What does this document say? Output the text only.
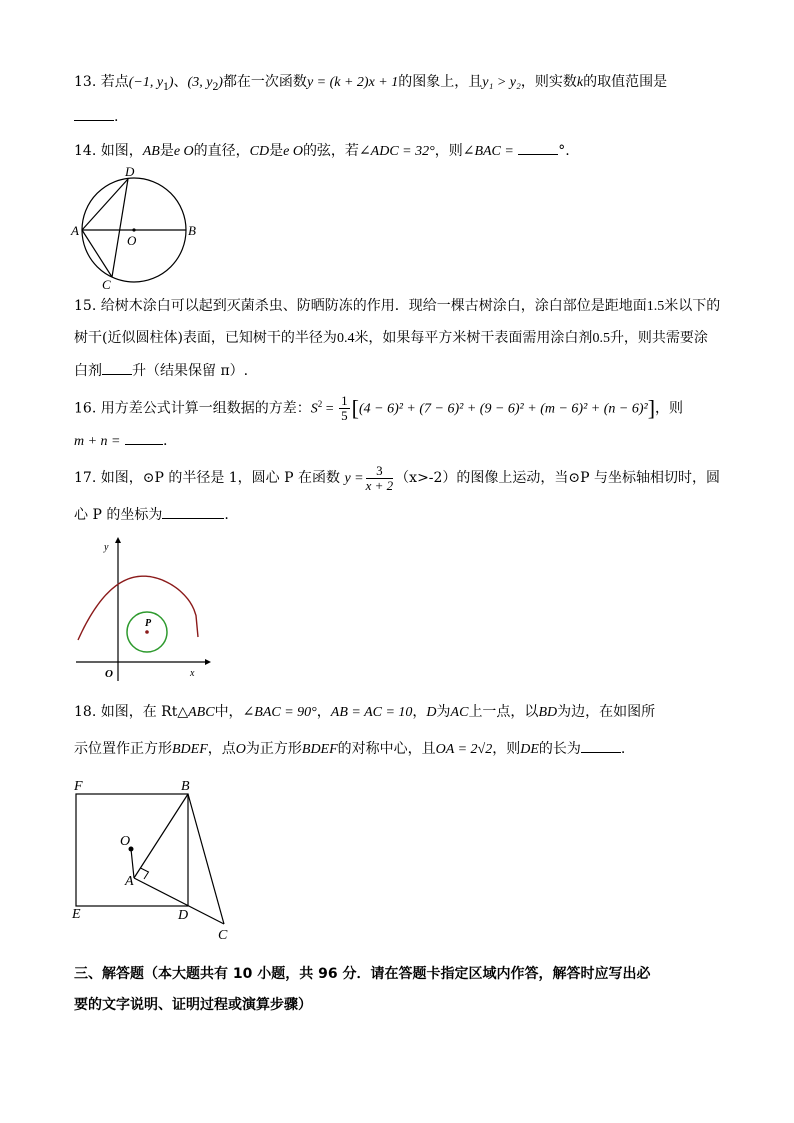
13. 若点(−1, $y_1$)、(3, $y_2$)都在一次函数y = (k + 2)x + 1的图象上，且y₁ > y₂，则实数k的取值范围是
.
14. 如图，AB是e O的直径，CD是e O的弦，若∠ADC = 32°，则∠BAC =	°.
D
A	B
O
C
15. 给树木涂白可以起到灭菌杀虫、防晒防冻的作用．现给一棵古树涂白，涂白部位是距地面1.5米以下的
树干(近似圆柱体)表面，已知树干的半径为0.4米，如果每平方米树干表面需用涂白剂0.5升，则共需要涂
白剂 升（结果保留 π）.
16. 用方差公式计算一组数据的方差：$S^2 = \frac{1}{5} [(4 - 6)^2 + (7 - 6)^2 + (9 - 6)^2 + (m - 6)^2 + (n - 6)^2]$，则
m + n =	.
17. 如图，⊙P 的半径是 1，圆心 P 在函数 $y = \frac{3}{x + 2} (x>-2)$的图像上运动，当⊙P 与坐标轴相切时，圆
心 P 的坐标为	.
y
x
O
P
18. 如图，在 Rt△ABC中，∠BAC = 90°，AB = AC = 10，D为AC上一点，以BD为边，在如图所
示位置作正方形BDEF，点O为正方形BDEF的对称中心，且OA = 2√2，则DE的长为	.
F	B
O
A
E	D
C
三、解答题（本大题共有 10 小题，共 96 分．请在答题卡指定区域内作答，解答时应写出必
要的文字说明、证明过程或演算步骤）
